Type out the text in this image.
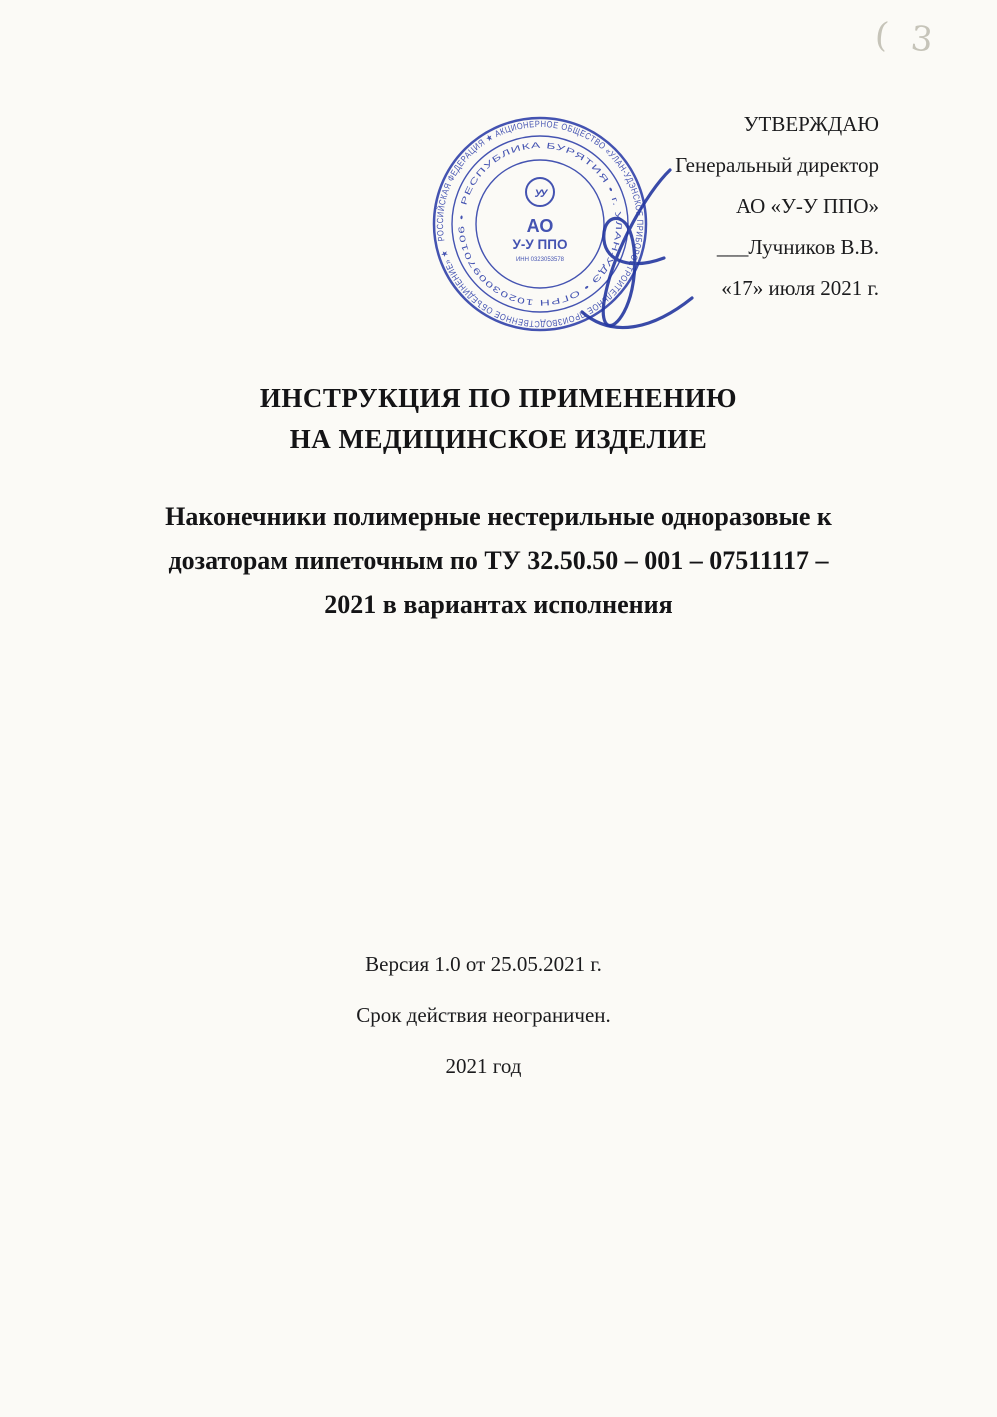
( 3
УТВЕРЖДАЮ
Генеральный директор
АО «У-У ППО»
___Лучников В.В.
«17» июля 2021 г.
РОССИЙСКАЯ ФЕДЕРАЦИЯ ★ АКЦИОНЕРНОЕ ОБЩЕСТВО «УЛАН-УДЭНСКОЕ ПРИБОРОСТРОИТЕЛЬНОЕ ПРОИЗВОДСТВЕННОЕ ОБЪЕДИНЕНИЕ» ★
РЕСПУБЛИКА БУРЯТИЯ • г. УЛАН-УДЭ • ОГРН 1020300970106 •
УУ
АО
У-У ППО
ИНН 0323053578
ИНСТРУКЦИЯ ПО ПРИМЕНЕНИЮ
НА МЕДИЦИНСКОЕ ИЗДЕЛИЕ
Наконечники полимерные нестерильные одноразовые к
дозаторам пипеточным по ТУ 32.50.50 – 001 – 07511117 –
2021 в вариантах исполнения
Версия 1.0 от 25.05.2021 г.
Срок действия неограничен.
2021 год
